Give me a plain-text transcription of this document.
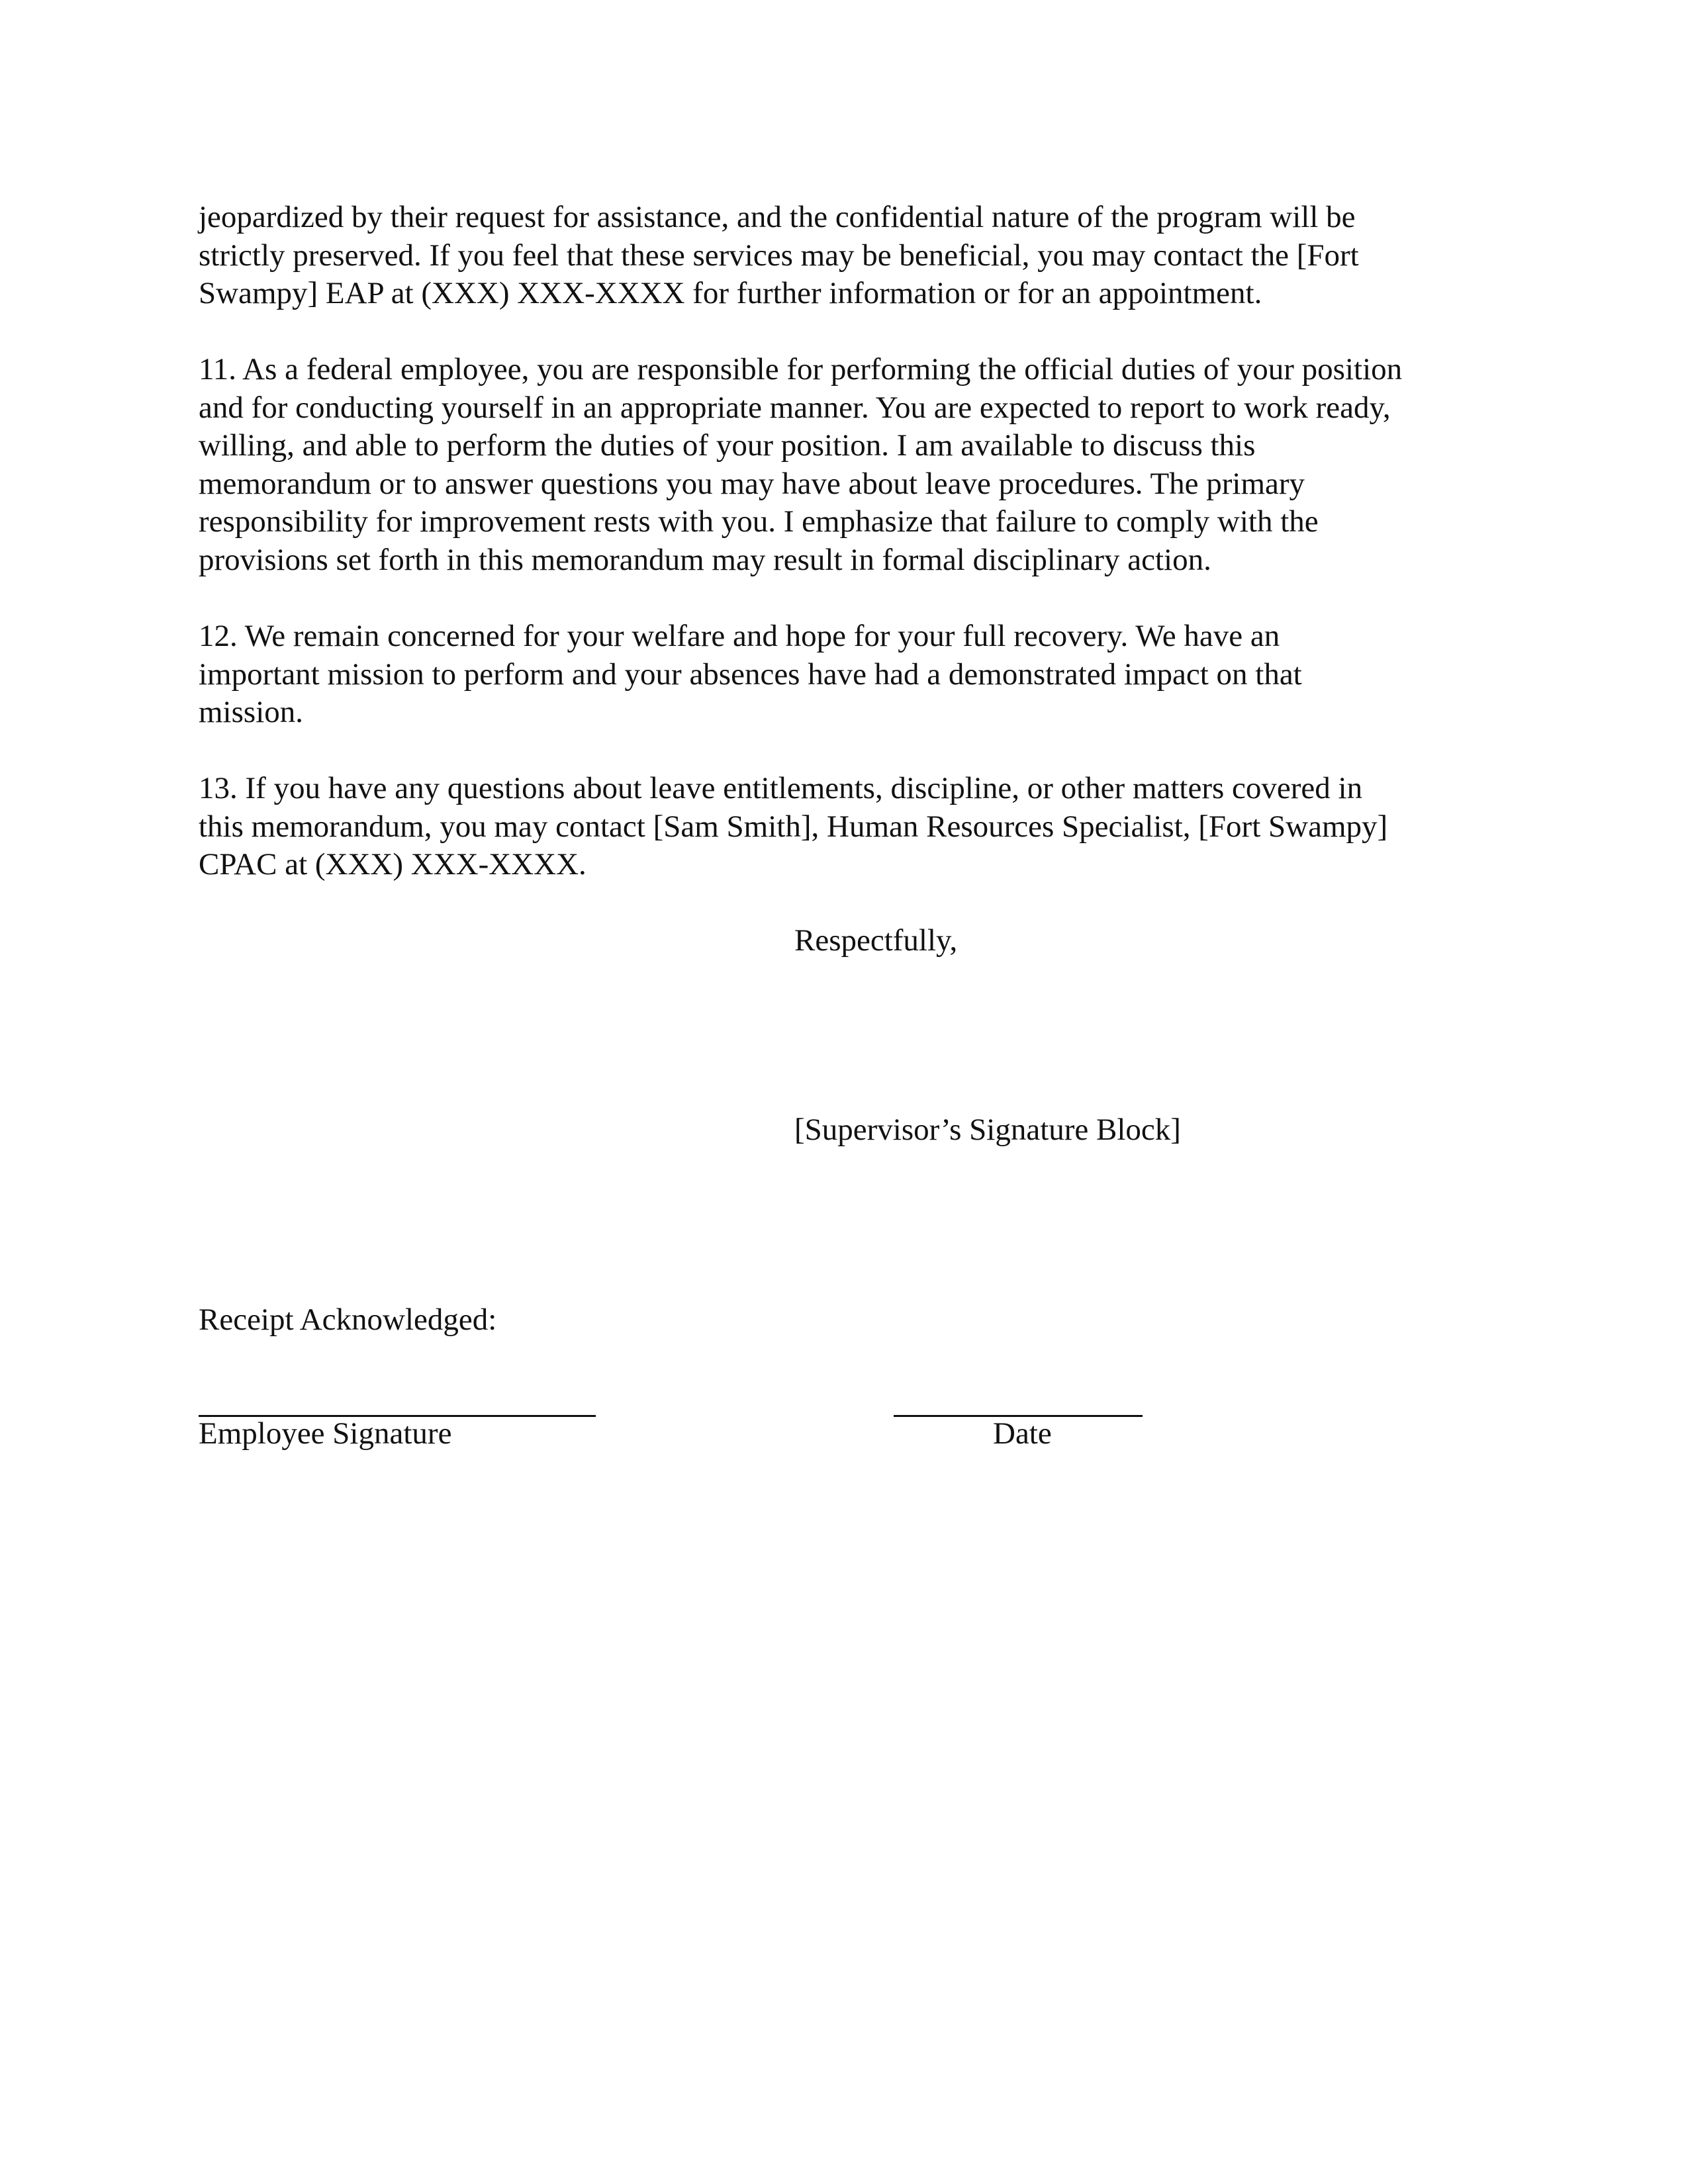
jeopardized by their request for assistance, and the confidential nature of the program will be
strictly preserved. If you feel that these services may be beneficial, you may contact the [Fort
Swampy] EAP at (XXX) XXX-XXXX for further information or for an appointment.

11. As a federal employee, you are responsible for performing the official duties of your position
and for conducting yourself in an appropriate manner. You are expected to report to work ready,
willing, and able to perform the duties of your position. I am available to discuss this
memorandum or to answer questions you may have about leave procedures. The primary
responsibility for improvement rests with you. I emphasize that failure to comply with the
provisions set forth in this memorandum may result in formal disciplinary action.

12. We remain concerned for your welfare and hope for your full recovery. We have an
important mission to perform and your absences have had a demonstrated impact on that
mission.

13. If you have any questions about leave entitlements, discipline, or other matters covered in
this memorandum, you may contact [Sam Smith], Human Resources Specialist, [Fort Swampy]
CPAC at (XXX) XXX-XXXX.

Respectfully,

[Supervisor’s Signature Block]

Receipt Acknowledged:

Employee Signature	Date
